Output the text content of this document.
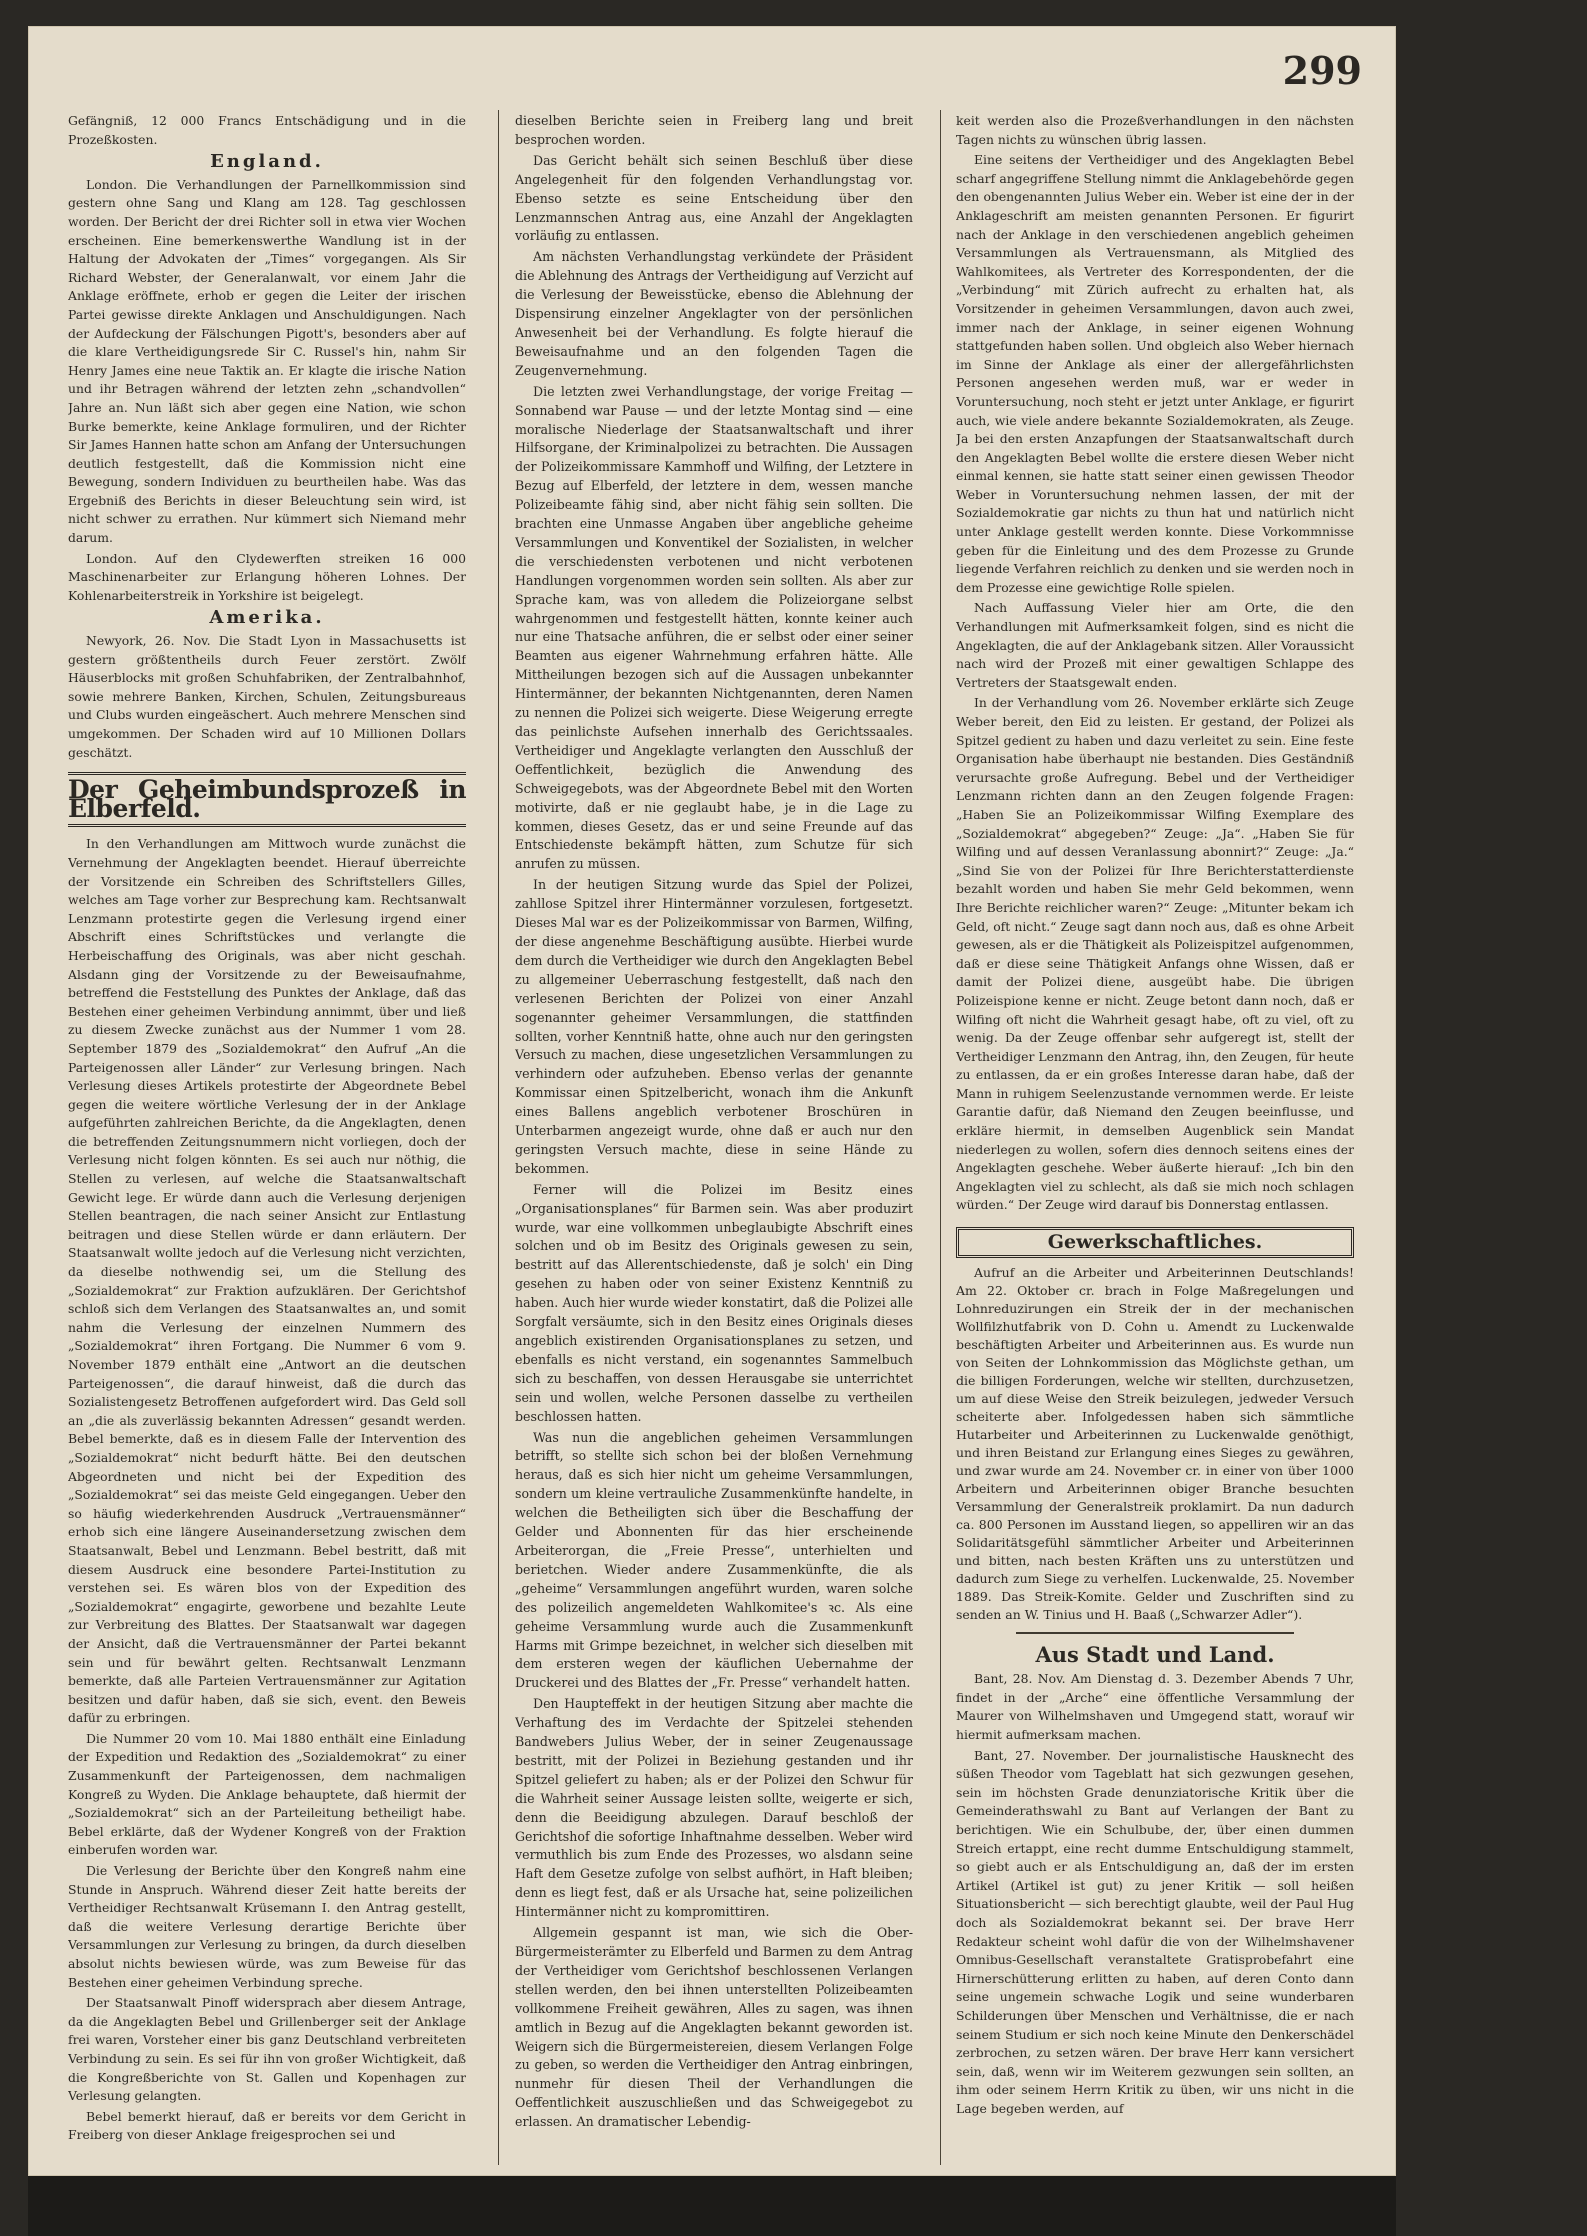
299

Gefängniß, 12 000 Francs Entschädigung und in die Prozeßkosten.

England.

London. Die Verhandlungen der Parnellkommission sind gestern ohne Sang und Klang am 128. Tag geschlossen worden. Der Bericht der drei Richter soll in etwa vier Wochen erscheinen. Eine bemerkenswerthe Wandlung ist in der Haltung der Advokaten der „Times“ vorgegangen. Als Sir Richard Webster, der Generalanwalt, vor einem Jahr die Anklage eröffnete, erhob er gegen die Leiter der irischen Partei gewisse direkte Anklagen und Anschuldigungen. Nach der Aufdeckung der Fälschungen Pigott's, besonders aber auf die klare Vertheidigungsrede Sir C. Russel's hin, nahm Sir Henry James eine neue Taktik an. Er klagte die irische Nation und ihr Betragen während der letzten zehn „schandvollen“ Jahre an. Nun läßt sich aber gegen eine Nation, wie schon Burke bemerkte, keine Anklage formuliren, und der Richter Sir James Hannen hatte schon am Anfang der Untersuchungen deutlich festgestellt, daß die Kommission nicht eine Bewegung, sondern Individuen zu beurtheilen habe. Was das Ergebniß des Berichts in dieser Beleuchtung sein wird, ist nicht schwer zu errathen. Nur kümmert sich Niemand mehr darum.

London. Auf den Clydewerften streiken 16 000 Maschinenarbeiter zur Erlangung höheren Lohnes. Der Kohlenarbeiterstreik in Yorkshire ist beigelegt.

Amerika.

Newyork, 26. Nov. Die Stadt Lyon in Massachusetts ist gestern größtentheils durch Feuer zerstört. Zwölf Häuserblocks mit großen Schuhfabriken, der Zentralbahnhof, sowie mehrere Banken, Kirchen, Schulen, Zeitungsbureaus und Clubs wurden eingeäschert. Auch mehrere Menschen sind umgekommen. Der Schaden wird auf 10 Millionen Dollars geschätzt.

Der Geheimbundsprozeß in Elberfeld.

In den Verhandlungen am Mittwoch wurde zunächst die Vernehmung der Angeklagten beendet. Hierauf überreichte der Vorsitzende ein Schreiben des Schriftstellers Gilles, welches am Tage vorher zur Besprechung kam. Rechtsanwalt Lenzmann protestirte gegen die Verlesung irgend einer Abschrift eines Schriftstückes und verlangte die Herbeischaffung des Originals, was aber nicht geschah. Alsdann ging der Vorsitzende zu der Beweisaufnahme, betreffend die Feststellung des Punktes der Anklage, daß das Bestehen einer geheimen Verbindung annimmt, über und ließ zu diesem Zwecke zunächst aus der Nummer 1 vom 28. September 1879 des „Sozialdemokrat“ den Aufruf „An die Parteigenossen aller Länder“ zur Verlesung bringen. Nach Verlesung dieses Artikels protestirte der Abgeordnete Bebel gegen die weitere wörtliche Verlesung der in der Anklage aufgeführten zahlreichen Berichte, da die Angeklagten, denen die betreffenden Zeitungsnummern nicht vorliegen, doch der Verlesung nicht folgen könnten. Es sei auch nur nöthig, die Stellen zu verlesen, auf welche die Staatsanwaltschaft Gewicht lege. Er würde dann auch die Verlesung derjenigen Stellen beantragen, die nach seiner Ansicht zur Entlastung beitragen und diese Stellen würde er dann erläutern. Der Staatsanwalt wollte jedoch auf die Verlesung nicht verzichten, da dieselbe nothwendig sei, um die Stellung des „Sozialdemokrat“ zur Fraktion aufzuklären. Der Gerichtshof schloß sich dem Verlangen des Staatsanwaltes an, und somit nahm die Verlesung der einzelnen Nummern des „Sozialdemokrat“ ihren Fortgang. Die Nummer 6 vom 9. November 1879 enthält eine „Antwort an die deutschen Parteigenossen“, die darauf hinweist, daß die durch das Sozialistengesetz Betroffenen aufgefordert wird. Das Geld soll an „die als zuverlässig bekannten Adressen“ gesandt werden. Bebel bemerkte, daß es in diesem Falle der Intervention des „Sozialdemokrat“ nicht bedurft hätte. Bei den deutschen Abgeordneten und nicht bei der Expedition des „Sozialdemokrat“ sei das meiste Geld eingegangen. Ueber den so häufig wiederkehrenden Ausdruck „Vertrauensmänner“ erhob sich eine längere Auseinandersetzung zwischen dem Staatsanwalt, Bebel und Lenzmann. Bebel bestritt, daß mit diesem Ausdruck eine besondere Partei-Institution zu verstehen sei. Es wären blos von der Expedition des „Sozialdemokrat“ engagirte, geworbene und bezahlte Leute zur Verbreitung des Blattes. Der Staatsanwalt war dagegen der Ansicht, daß die Vertrauensmänner der Partei bekannt sein und für bewährt gelten. Rechtsanwalt Lenzmann bemerkte, daß alle Parteien Vertrauensmänner zur Agitation besitzen und dafür haben, daß sie sich, event. den Beweis dafür zu erbringen.

Die Nummer 20 vom 10. Mai 1880 enthält eine Einladung der Expedition und Redaktion des „Sozialdemokrat“ zu einer Zusammenkunft der Parteigenossen, dem nachmaligen Kongreß zu Wyden. Die Anklage behauptete, daß hiermit der „Sozialdemokrat“ sich an der Parteileitung betheiligt habe. Bebel erklärte, daß der Wydener Kongreß von der Fraktion einberufen worden war.

Die Verlesung der Berichte über den Kongreß nahm eine Stunde in Anspruch. Während dieser Zeit hatte bereits der Vertheidiger Rechtsanwalt Krüsemann I. den Antrag gestellt, daß die weitere Verlesung derartige Berichte über Versammlungen zur Verlesung zu bringen, da durch dieselben absolut nichts bewiesen würde, was zum Beweise für das Bestehen einer geheimen Verbindung spreche.

Der Staatsanwalt Pinoff widersprach aber diesem Antrage, da die Angeklagten Bebel und Grillenberger seit der Anklage frei waren, Vorsteher einer bis ganz Deutschland verbreiteten Verbindung zu sein. Es sei für ihn von großer Wichtigkeit, daß die Kongreßberichte von St. Gallen und Kopenhagen zur Verlesung gelangten.

Bebel bemerkt hierauf, daß er bereits vor dem Gericht in Freiberg von dieser Anklage freigesprochen sei und

dieselben Berichte seien in Freiberg lang und breit besprochen worden.

Das Gericht behält sich seinen Beschluß über diese Angelegenheit für den folgenden Verhandlungstag vor. Ebenso setzte es seine Entscheidung über den Lenzmannschen Antrag aus, eine Anzahl der Angeklagten vorläufig zu entlassen.

Am nächsten Verhandlungstag verkündete der Präsident die Ablehnung des Antrags der Vertheidigung auf Verzicht auf die Verlesung der Beweisstücke, ebenso die Ablehnung der Dispensirung einzelner Angeklagter von der persönlichen Anwesenheit bei der Verhandlung. Es folgte hierauf die Beweisaufnahme und an den folgenden Tagen die Zeugenvernehmung.

Die letzten zwei Verhandlungstage, der vorige Freitag — Sonnabend war Pause — und der letzte Montag sind — eine moralische Niederlage der Staatsanwaltschaft und ihrer Hilfsorgane, der Kriminalpolizei zu betrachten. Die Aussagen der Polizeikommissare Kammhoff und Wilfing, der Letztere in Bezug auf Elberfeld, der letztere in dem, wessen manche Polizeibeamte fähig sind, aber nicht fähig sein sollten. Die brachten eine Unmasse Angaben über angebliche geheime Versammlungen und Konventikel der Sozialisten, in welcher die verschiedensten verbotenen und nicht verbotenen Handlungen vorgenommen worden sein sollten. Als aber zur Sprache kam, was von alledem die Polizeiorgane selbst wahrgenommen und festgestellt hätten, konnte keiner auch nur eine Thatsache anführen, die er selbst oder einer seiner Beamten aus eigener Wahrnehmung erfahren hätte. Alle Mittheilungen bezogen sich auf die Aussagen unbekannter Hintermänner, der bekannten Nichtgenannten, deren Namen zu nennen die Polizei sich weigerte. Diese Weigerung erregte das peinlichste Aufsehen innerhalb des Gerichtssaales. Vertheidiger und Angeklagte verlangten den Ausschluß der Oeffentlichkeit, bezüglich die Anwendung des Schweigegebots, was der Abgeordnete Bebel mit den Worten motivirte, daß er nie geglaubt habe, je in die Lage zu kommen, dieses Gesetz, das er und seine Freunde auf das Entschiedenste bekämpft hätten, zum Schutze für sich anrufen zu müssen.

In der heutigen Sitzung wurde das Spiel der Polizei, zahllose Spitzel ihrer Hintermänner vorzulesen, fortgesetzt. Dieses Mal war es der Polizeikommissar von Barmen, Wilfing, der diese angenehme Beschäftigung ausübte. Hierbei wurde dem durch die Vertheidiger wie durch den Angeklagten Bebel zu allgemeiner Ueberraschung festgestellt, daß nach den verlesenen Berichten der Polizei von einer Anzahl sogenannter geheimer Versammlungen, die stattfinden sollten, vorher Kenntniß hatte, ohne auch nur den geringsten Versuch zu machen, diese ungesetzlichen Versammlungen zu verhindern oder aufzuheben. Ebenso verlas der genannte Kommissar einen Spitzelbericht, wonach ihm die Ankunft eines Ballens angeblich verbotener Broschüren in Unterbarmen angezeigt wurde, ohne daß er auch nur den geringsten Versuch machte, diese in seine Hände zu bekommen.

Ferner will die Polizei im Besitz eines „Organisationsplanes“ für Barmen sein. Was aber produzirt wurde, war eine vollkommen unbeglaubigte Abschrift eines solchen und ob im Besitz des Originals gewesen zu sein, bestritt auf das Allerentschiedenste, daß je solch' ein Ding gesehen zu haben oder von seiner Existenz Kenntniß zu haben. Auch hier wurde wieder konstatirt, daß die Polizei alle Sorgfalt versäumte, sich in den Besitz eines Originals dieses angeblich existirenden Organisationsplanes zu setzen, und ebenfalls es nicht verstand, ein sogenanntes Sammelbuch sich zu beschaffen, von dessen Herausgabe sie unterrichtet sein und wollen, welche Personen dasselbe zu vertheilen beschlossen hatten.

Was nun die angeblichen geheimen Versammlungen betrifft, so stellte sich schon bei der bloßen Vernehmung heraus, daß es sich hier nicht um geheime Versammlungen, sondern um kleine vertrauliche Zusammenkünfte handelte, in welchen die Betheiligten sich über die Beschaffung der Gelder und Abonnenten für das hier erscheinende Arbeiterorgan, die „Freie Presse“, unterhielten und berietchen. Wieder andere Zusammenkünfte, die als „geheime“ Versammlungen angeführt wurden, waren solche des polizeilich angemeldeten Wahlkomitee's ꝛc. Als eine geheime Versammlung wurde auch die Zusammenkunft Harms mit Grimpe bezeichnet, in welcher sich dieselben mit dem ersteren wegen der käuflichen Uebernahme der Druckerei und des Blattes der „Fr. Presse“ verhandelt hatten.

Den Haupteffekt in der heutigen Sitzung aber machte die Verhaftung des im Verdachte der Spitzelei stehenden Bandwebers Julius Weber, der in seiner Zeugenaussage bestritt, mit der Polizei in Beziehung gestanden und ihr Spitzel geliefert zu haben; als er der Polizei den Schwur für die Wahrheit seiner Aussage leisten sollte, weigerte er sich, denn die Beeidigung abzulegen. Darauf beschloß der Gerichtshof die sofortige Inhaftnahme desselben. Weber wird vermuthlich bis zum Ende des Prozesses, wo alsdann seine Haft dem Gesetze zufolge von selbst aufhört, in Haft bleiben; denn es liegt fest, daß er als Ursache hat, seine polizeilichen Hintermänner nicht zu kompromittiren.

Allgemein gespannt ist man, wie sich die Ober-Bürgermeisterämter zu Elberfeld und Barmen zu dem Antrag der Vertheidiger vom Gerichtshof beschlossenen Verlangen stellen werden, den bei ihnen unterstellten Polizeibeamten vollkommene Freiheit gewähren, Alles zu sagen, was ihnen amtlich in Bezug auf die Angeklagten bekannt geworden ist. Weigern sich die Bürgermeistereien, diesem Verlangen Folge zu geben, so werden die Vertheidiger den Antrag einbringen, nunmehr für diesen Theil der Verhandlungen die Oeffentlichkeit auszuschließen und das Schweigegebot zu erlassen. An dramatischer Lebendig-

keit werden also die Prozeßverhandlungen in den nächsten Tagen nichts zu wünschen übrig lassen.

Eine seitens der Vertheidiger und des Angeklagten Bebel scharf angegriffene Stellung nimmt die Anklagebehörde gegen den obengenannten Julius Weber ein. Weber ist eine der in der Anklageschrift am meisten genannten Personen. Er figurirt nach der Anklage in den verschiedenen angeblich geheimen Versammlungen als Vertrauensmann, als Mitglied des Wahlkomitees, als Vertreter des Korrespondenten, der die „Verbindung“ mit Zürich aufrecht zu erhalten hat, als Vorsitzender in geheimen Versammlungen, davon auch zwei, immer nach der Anklage, in seiner eigenen Wohnung stattgefunden haben sollen. Und obgleich also Weber hiernach im Sinne der Anklage als einer der allergefährlichsten Personen angesehen werden muß, war er weder in Voruntersuchung, noch steht er jetzt unter Anklage, er figurirt auch, wie viele andere bekannte Sozialdemokraten, als Zeuge. Ja bei den ersten Anzapfungen der Staatsanwaltschaft durch den Angeklagten Bebel wollte die erstere diesen Weber nicht einmal kennen, sie hatte statt seiner einen gewissen Theodor Weber in Voruntersuchung nehmen lassen, der mit der Sozialdemokratie gar nichts zu thun hat und natürlich nicht unter Anklage gestellt werden konnte. Diese Vorkommnisse geben für die Einleitung und des dem Prozesse zu Grunde liegende Verfahren reichlich zu denken und sie werden noch in dem Prozesse eine gewichtige Rolle spielen.

Nach Auffassung Vieler hier am Orte, die den Verhandlungen mit Aufmerksamkeit folgen, sind es nicht die Angeklagten, die auf der Anklagebank sitzen. Aller Voraussicht nach wird der Prozeß mit einer gewaltigen Schlappe des Vertreters der Staatsgewalt enden.

In der Verhandlung vom 26. November erklärte sich Zeuge Weber bereit, den Eid zu leisten. Er gestand, der Polizei als Spitzel gedient zu haben und dazu verleitet zu sein. Eine feste Organisation habe überhaupt nie bestanden. Dies Geständniß verursachte große Aufregung. Bebel und der Vertheidiger Lenzmann richten dann an den Zeugen folgende Fragen: „Haben Sie an Polizeikommissar Wilfing Exemplare des „Sozialdemokrat“ abgegeben?“ Zeuge: „Ja“. „Haben Sie für Wilfing und auf dessen Veranlassung abonnirt?“ Zeuge: „Ja.“ „Sind Sie von der Polizei für Ihre Berichterstatterdienste bezahlt worden und haben Sie mehr Geld bekommen, wenn Ihre Berichte reichlicher waren?“ Zeuge: „Mitunter bekam ich Geld, oft nicht.“ Zeuge sagt dann noch aus, daß es ohne Arbeit gewesen, als er die Thätigkeit als Polizeispitzel aufgenommen, daß er diese seine Thätigkeit Anfangs ohne Wissen, daß er damit der Polizei diene, ausgeübt habe. Die übrigen Polizeispione kenne er nicht. Zeuge betont dann noch, daß er Wilfing oft nicht die Wahrheit gesagt habe, oft zu viel, oft zu wenig. Da der Zeuge offenbar sehr aufgeregt ist, stellt der Vertheidiger Lenzmann den Antrag, ihn, den Zeugen, für heute zu entlassen, da er ein großes Interesse daran habe, daß der Mann in ruhigem Seelenzustande vernommen werde. Er leiste Garantie dafür, daß Niemand den Zeugen beeinflusse, und erkläre hiermit, in demselben Augenblick sein Mandat niederlegen zu wollen, sofern dies dennoch seitens eines der Angeklagten geschehe. Weber äußerte hierauf: „Ich bin den Angeklagten viel zu schlecht, als daß sie mich noch schlagen würden.“ Der Zeuge wird darauf bis Donnerstag entlassen.

Gewerkschaftliches.

Aufruf an die Arbeiter und Arbeiterinnen Deutschlands! Am 22. Oktober cr. brach in Folge Maßregelungen und Lohnreduzirungen ein Streik der in der mechanischen Wollfilzhutfabrik von D. Cohn u. Amendt zu Luckenwalde beschäftigten Arbeiter und Arbeiterinnen aus. Es wurde nun von Seiten der Lohnkommission das Möglichste gethan, um die billigen Forderungen, welche wir stellten, durchzusetzen, um auf diese Weise den Streik beizulegen, jedweder Versuch scheiterte aber. Infolgedessen haben sich sämmtliche Hutarbeiter und Arbeiterinnen zu Luckenwalde genöthigt, und ihren Beistand zur Erlangung eines Sieges zu gewähren, und zwar wurde am 24. November cr. in einer von über 1000 Arbeitern und Arbeiterinnen obiger Branche besuchten Versammlung der Generalstreik proklamirt. Da nun dadurch ca. 800 Personen im Ausstand liegen, so appelliren wir an das Solidaritätsgefühl sämmtlicher Arbeiter und Arbeiterinnen und bitten, nach besten Kräften uns zu unterstützen und dadurch zum Siege zu verhelfen. Luckenwalde, 25. November 1889. Das Streik-Komite. Gelder und Zuschriften sind zu senden an W. Tinius und H. Baaß („Schwarzer Adler“).

Aus Stadt und Land.

Bant, 28. Nov. Am Dienstag d. 3. Dezember Abends 7 Uhr, findet in der „Arche“ eine öffentliche Versammlung der Maurer von Wilhelmshaven und Umgegend statt, worauf wir hiermit aufmerksam machen.

Bant, 27. November. Der journalistische Hausknecht des süßen Theodor vom Tageblatt hat sich gezwungen gesehen, sein im höchsten Grade denunziatorische Kritik über die Gemeinderathswahl zu Bant auf Verlangen der Bant zu berichtigen. Wie ein Schulbube, der, über einen dummen Streich ertappt, eine recht dumme Entschuldigung stammelt, so giebt auch er als Entschuldigung an, daß der im ersten Artikel (Artikel ist gut) zu jener Kritik — soll heißen Situationsbericht — sich berechtigt glaubte, weil der Paul Hug doch als Sozialdemokrat bekannt sei. Der brave Herr Redakteur scheint wohl dafür die von der Wilhelmshavener Omnibus-Gesellschaft veranstaltete Gratisprobefahrt eine Hirnerschütterung erlitten zu haben, auf deren Conto dann seine ungemein schwache Logik und seine wunderbaren Schilderungen über Menschen und Verhältnisse, die er nach seinem Studium er sich noch keine Minute den Denkerschädel zerbrochen, zu setzen wären. Der brave Herr kann versichert sein, daß, wenn wir im Weiterem gezwungen sein sollten, an ihm oder seinem Herrn Kritik zu üben, wir uns nicht in die Lage begeben werden, auf
